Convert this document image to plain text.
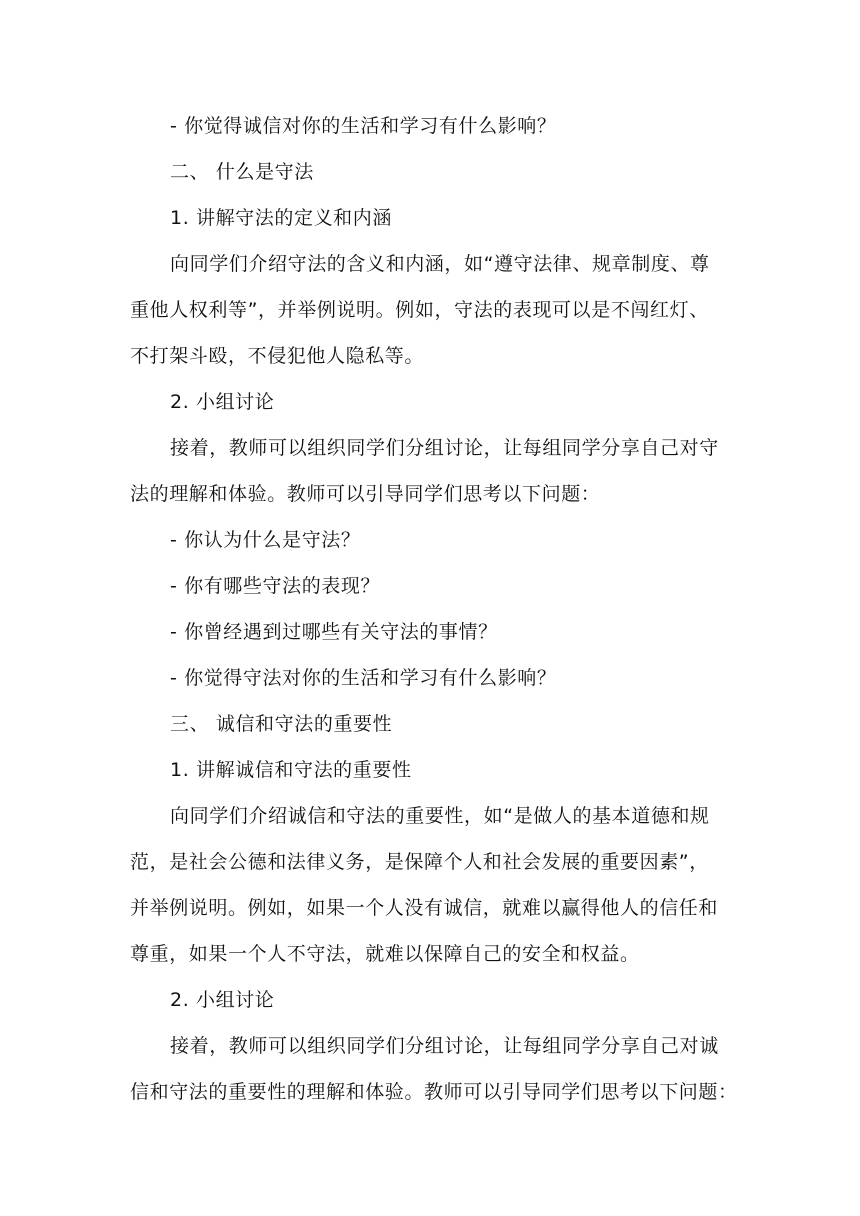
- 你觉得诚信对你的生活和学习有什么影响？
二、 什么是守法
1. 讲解守法的定义和内涵
向同学们介绍守法的含义和内涵，如“遵守法律、规章制度、尊
重他人权利等”，并举例说明。例如，守法的表现可以是不闯红灯、
不打架斗殴，不侵犯他人隐私等。
2. 小组讨论
接着，教师可以组织同学们分组讨论，让每组同学分享自己对守
法的理解和体验。教师可以引导同学们思考以下问题：
- 你认为什么是守法？
- 你有哪些守法的表现？
- 你曾经遇到过哪些有关守法的事情？
- 你觉得守法对你的生活和学习有什么影响？
三、 诚信和守法的重要性
1. 讲解诚信和守法的重要性
向同学们介绍诚信和守法的重要性，如“是做人的基本道德和规
范，是社会公德和法律义务，是保障个人和社会发展的重要因素”，
并举例说明。例如，如果一个人没有诚信，就难以赢得他人的信任和
尊重，如果一个人不守法，就难以保障自己的安全和权益。
2. 小组讨论
接着，教师可以组织同学们分组讨论，让每组同学分享自己对诚
信和守法的重要性的理解和体验。教师可以引导同学们思考以下问题：
